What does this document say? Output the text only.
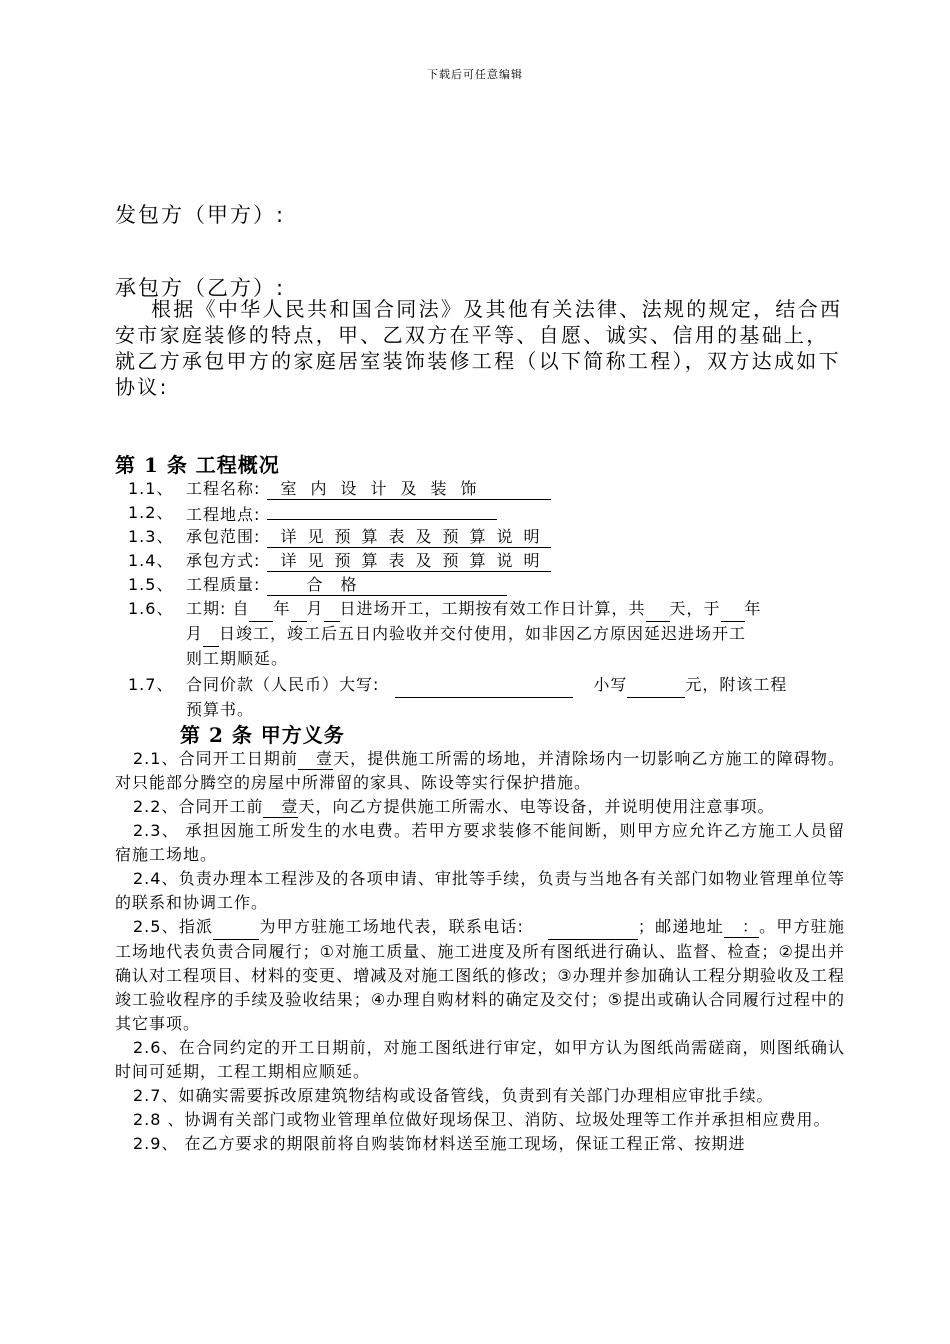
下载后可任意编辑
发包方（甲方）:
承包方（乙方）:

根据《中华人民共和国合同法》及其他有关法律、法规的规定，结合西安市家庭装修的特点，甲、乙双方在平等、自愿、诚实、信用的基础上，就乙方承包甲方的家庭居室装饰装修工程（以下简称工程），双方达成如下协议:

第 1 条 工程概况
1.1、 工程名称: 室内设计及装饰
1.2、 工程地点:
1.3、 承包范围: 详见预算表及预算说明
1.4、 承包方式: 详见预算表及预算说明
1.5、 工程质量:	合　格
1.6、 工期: 自 年 月 日进场开工，工期按有效工作日计算，共 天，于 年
月 日竣工，竣工后五日内验收并交付使用，如非因乙方原因延迟进场开工
则工期顺延。
1.7、 合同价款（人民币）大写:	小写	元，附该工程
预算书。
第 2 条 甲方义务

2.1、合同开工日期前 壹天，提供施工所需的场地，并清除场内一切影响乙方施工的障碍物。对只能部分腾空的房屋中所滞留的家具、陈设等实行保护措施。

2.2、合同开工前 壹天，向乙方提供施工所需水、电等设备，并说明使用注意事项。

2.3、 承担因施工所发生的水电费。若甲方要求装修不能间断，则甲方应允许乙方施工人员留宿施工场地。

2.4、负责办理本工程涉及的各项申请、审批等手续，负责与当地各有关部门如物业管理单位等的联系和协调工作。

2.5、指派	为甲方驻施工场地代表，联系电话:	；邮递地址 ：。甲方驻施工场地代表负责合同履行；①对施工质量、施工进度及所有图纸进行确认、监督、检查；②提出并确认对工程项目、材料的变更、增减及对施工图纸的修改；③办理并参加确认工程分期验收及工程竣工验收程序的手续及验收结果；④办理自购材料的确定及交付；⑤提出或确认合同履行过程中的其它事项。

2.6、在合同约定的开工日期前，对施工图纸进行审定，如甲方认为图纸尚需磋商，则图纸确认时间可延期，工程工期相应顺延。

2.7、如确实需要拆改原建筑物结构或设备管线，负责到有关部门办理相应审批手续。

2.8 、协调有关部门或物业管理单位做好现场保卫、消防、垃圾处理等工作并承担相应费用。

2.9、 在乙方要求的期限前将自购装饰材料送至施工现场，保证工程正常、按期进
